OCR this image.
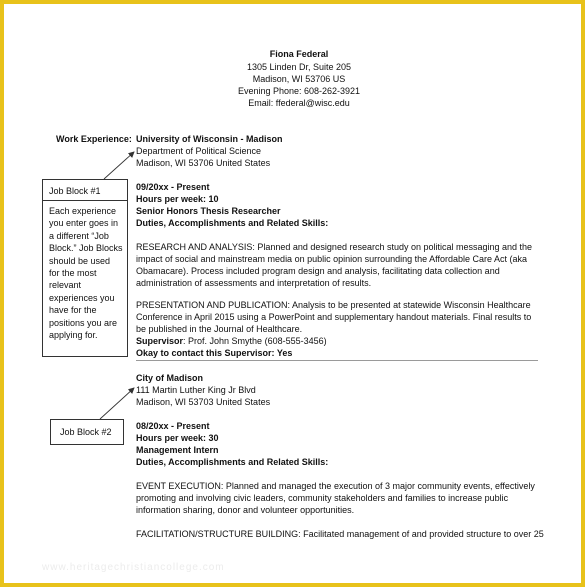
Fiona Federal
1305 Linden Dr, Suite 205
Madison, WI 53706 US
Evening Phone: 608-262-3921
Email: ffederal@wisc.edu
Work Experience: University of Wisconsin - Madison
Department of Political Science
Madison, WI 53706 United States
09/20xx - Present
Hours per week: 10
Senior Honors Thesis Researcher
Duties, Accomplishments and Related Skills:
RESEARCH AND ANALYSIS: Planned and designed research study on political messaging and the impact of social and mainstream media on public opinion surrounding the Affordable Care Act (aka Obamacare). Process included program design and analysis, facilitating data collection and administration of assessments and interpretation of results.
PRESENTATION AND PUBLICATION: Analysis to be presented at statewide Wisconsin Healthcare Conference in April 2015 using a PowerPoint and supplementary handout materials. Final results to be published in the Journal of Healthcare.
Supervisor: Prof. John Smythe (608-555-3456)
Okay to contact this Supervisor: Yes
City of Madison
111 Martin Luther King Jr Blvd
Madison, WI 53703 United States
08/20xx - Present
Hours per week: 30
Management Intern
Duties, Accomplishments and Related Skills:
EVENT EXECUTION: Planned and managed the execution of 3 major community events, effectively promoting and involving civic leaders, community stakeholders and families to increase public information sharing, donor and volunteer opportunities.
FACILITATION/STRUCTURE BUILDING: Facilitated management of and provided structure to over 25
Job Block #1
Each experience you enter goes in a different “Job Block.” Job Blocks should be used for the most relevant experiences you have for the positions you are applying for.
Job Block #2
www.heritagechristiancollege.com
